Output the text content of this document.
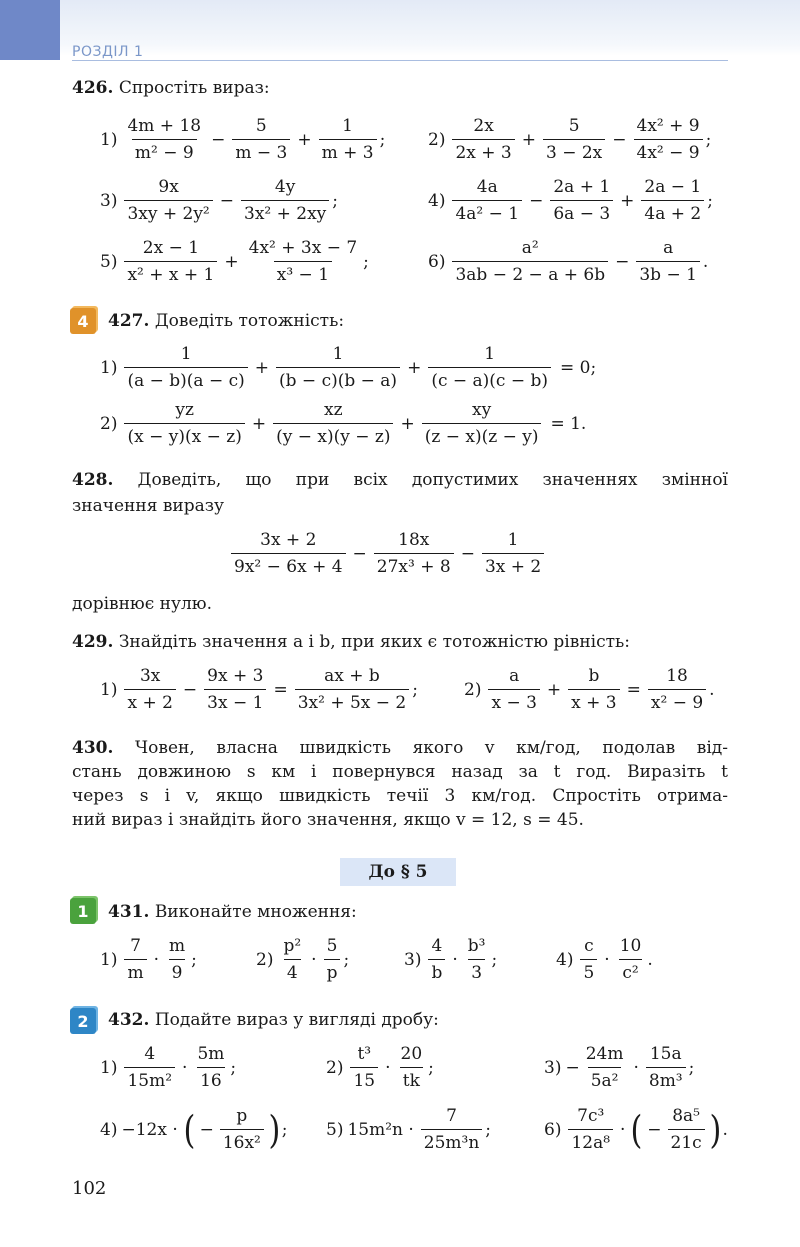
РОЗДІЛ 1
426. Спростіть вираз:
$1) \frac{4m + 18}{\text{m² − 9}} - \frac{5}{m - 3} + \frac{1}{m + 3}$ ;	$2) \frac{2x}{2x + 3} + \frac{5}{3 - 2x} - \frac{\text{4x² + 9}}{\text{4x² − 9}}$ ;
$3) \frac{9x}{\text{3xy + 2y²}} - \frac{4y}{\text{3x² + 2xy}}$ ;	$4) \frac{4a}{\text{4a² − 1}} - \frac{2a + 1}{6a - 3} + \frac{2a - 1}{4a + 2}$ ;
$5) \frac{2x - 1}{\text{x² + x + 1}} + \frac{\text{4x² + 3x − 7}}{\text{x³ − 1}}$ ;	$6) \frac{\text{a²}}{3ab - 2 - a + 6b} - \frac{a}{3b - 1}$ .
4	427. Доведіть тотожність:
$1) \frac{1}{(a - b)(a - c)} + \frac{1}{(b - c)(b - a)} + \frac{1}{(c - a)(c - b)} = 0$;
$2) \frac{yz}{(x - y)(x - z)} + \frac{xz}{(y - x)(y - z)} + \frac{xy}{(z - x)(z - y)} = 1$.
428. Доведіть, що при всіх допустимих значеннях змінної
значення виразу
$\frac{3x + 2}{\text{9x² − 6x + 4}} - \frac{18x}{\text{27x³ + 8}} - \frac{1}{3x + 2}$
дорівнює нулю.
429. Знайдіть значення a і b, при яких є тотожністю рівність:
$1) \frac{3x}{x + 2} - \frac{9x + 3}{3x - 1} = \frac{ax + b}{\text{3x² + 5x − 2}}$ ;	$2) \frac{a}{x - 3} + \frac{b}{x + 3} = \frac{18}{\text{x² − 9}}$ .
430. Човен, власна швидкість якого v км/год, подолав від-
стань довжиною s км і повернувся назад за t год. Виразіть t
через s і v, якщо швидкість течії 3 км/год. Спростіть отрима-
ний вираз і знайдіть його значення, якщо v = 12, s = 45.
До § 5
1	431. Виконайте множення:
$1) \frac{7}{m} \cdot \frac{m}{9}$ ;	$2) \frac{\text{p²}}{4} \cdot \frac{5}{p}$ ;	$3) \frac{4}{b} \cdot \frac{\text{b³}}{3}$ ;	$4) \frac{c}{5} \cdot \frac{10}{\text{c²}}$ .
2	432. Подайте вираз у вигляді дробу:
$1) \frac{4}{\text{15m²}} \cdot \frac{5m}{16}$ ;	$2) \frac{\text{t³}}{15} \cdot \frac{20}{tk}$ ;	$3) - \frac{24m}{\text{5a²}} \cdot \frac{15a}{\text{8m³}}$ ;
4) −12x · ( − $\frac{p}{\text{16x²}}$ ) ; 5) $15m^2n \cdot \frac{7}{\text{25m³n}}$ ;	$6) \frac{\text{7c³}}{\text{12a⁸}}$ · ( − $\frac{\text{8a⁵}}{21c}$ ) .
102
